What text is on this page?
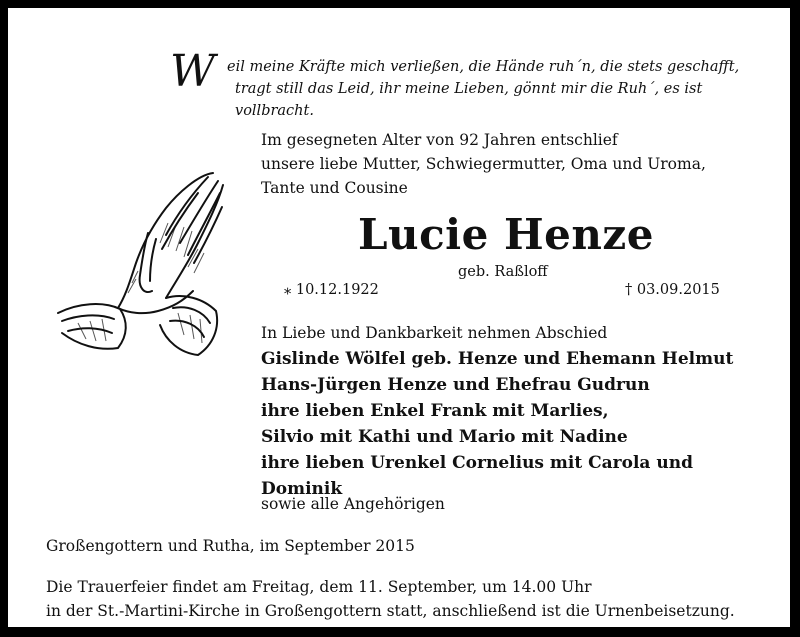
W eil meine Kräfte mich verließen, die Hände ruh´n, die stets geschafft,
tragt still das Leid, ihr meine Lieben, gönnt mir die Ruh´, es ist vollbracht.
Im gesegneten Alter von 92 Jahren entschlief
unsere liebe Mutter, Schwiegermutter, Oma und Uroma,
Tante und Cousine
Lucie Henze
geb. Raßloff
⁎ 10.12.1922	† 03.09.2015
In Liebe und Dankbarkeit nehmen Abschied
Gislinde Wölfel geb. Henze und Ehemann Helmut
Hans-Jürgen Henze und Ehefrau Gudrun
ihre lieben Enkel Frank mit Marlies,
Silvio mit Kathi und Mario mit Nadine
ihre lieben Urenkel Cornelius mit Carola und
Dominik
sowie alle Angehörigen
Großengottern und Rutha, im September 2015
Die Trauerfeier findet am Freitag, dem 11. September, um 14.00 Uhr
in der St.-Martini-Kirche in Großengottern statt, anschließend ist die Urnenbeisetzung.
